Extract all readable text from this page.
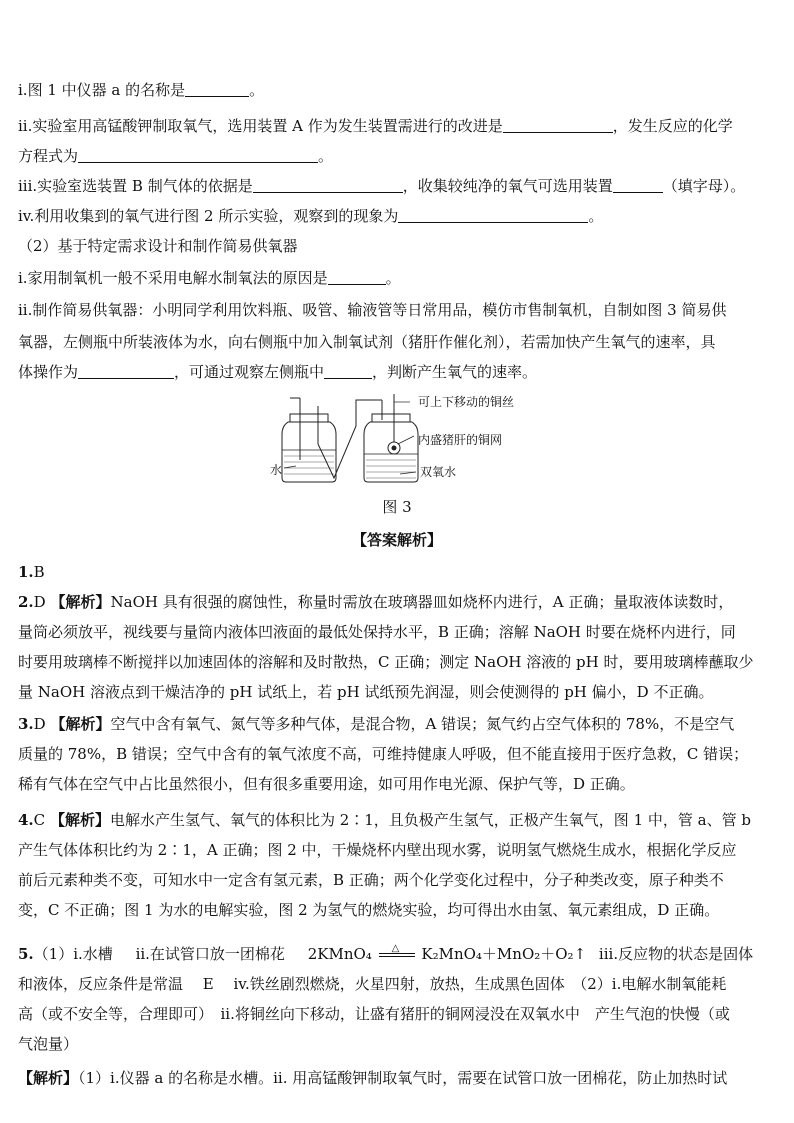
i.图 1 中仪器 a 的名称是	。
ii.实验室用高锰酸钾制取氧气，选用装置 A 作为发生装置需进行的改进是	，发生反应的化学
方程式为	。
iii.实验室选装置 B 制气体的依据是	，收集较纯净的氧气可选用装置	（填字母）。
iv.利用收集到的氧气进行图 2 所示实验，观察到的现象为	。
（2）基于特定需求设计和制作简易供氧器
i.家用制氧机一般不采用电解水制氧法的原因是	。
ii.制作简易供氧器：小明同学利用饮料瓶、吸管、输液管等日常用品，模仿市售制氧机，自制如图 3 简易供
氧器，左侧瓶中所装液体为水，向右侧瓶中加入制氧试剂（猪肝作催化剂），若需加快产生氧气的速率，具
体操作为	，可通过观察左侧瓶中	，判断产生氧气的速率。
可上下移动的铜丝
内盛猪肝的铜网
水	双氧水
图 3
【答案解析】
1.B
2.D 【解析】NaOH 具有很强的腐蚀性，称量时需放在玻璃器皿如烧杯内进行，A 正确；量取液体读数时，
量筒必须放平，视线要与量筒内液体凹液面的最低处保持水平，B 正确；溶解 NaOH 时要在烧杯内进行，同
时要用玻璃棒不断搅拌以加速固体的溶解和及时散热，C 正确；测定 NaOH 溶液的 pH 时，要用玻璃棒蘸取少
量 NaOH 溶液点到干燥洁净的 pH 试纸上，若 pH 试纸预先润湿，则会使测得的 pH 偏小，D 不正确。
3.D 【解析】空气中含有氧气、氮气等多种气体，是混合物，A 错误；氮气约占空气体积的 78%，不是空气
质量的 78%，B 错误；空气中含有的氧气浓度不高，可维持健康人呼吸，但不能直接用于医疗急救，C 错误；
稀有气体在空气中占比虽然很小，但有很多重要用途，如可用作电光源、保护气等，D 正确。
4.C 【解析】电解水产生氢气、氧气的体积比为 2∶1，且负极产生氢气，正极产生氧气，图 1 中，管 a、管 b
产生气体体积比约为 2∶1，A 正确；图 2 中，干燥烧杯内壁出现水雾，说明氢气燃烧生成水，根据化学反应
前后元素种类不变，可知水中一定含有氢元素，B 正确；两个化学变化过程中，分子种类改变，原子种类不
变，C 不正确；图 1 为水的电解实验，图 2 为氢气的燃烧实验，均可得出水由氢、氧元素组成，D 正确。
5.（1）i.水槽 ii.在试管口放一团棉花 2KMnO₄ △ K₂MnO₄＋MnO₂＋O₂↑ iii.反应物的状态是固体
和液体，反应条件是常温　 E　 iv.铁丝剧烈燃烧，火星四射，放热，生成黑色固体　（2）i.电解水制氧能耗
高（或不安全等，合理即可）　ii.将铜丝向下移动，让盛有猪肝的铜网浸没在双氧水中　产生气泡的快慢（或
气泡量）
【解析】（1）i.仪器 a 的名称是水槽。ii. 用高锰酸钾制取氧气时，需要在试管口放一团棉花，防止加热时试
